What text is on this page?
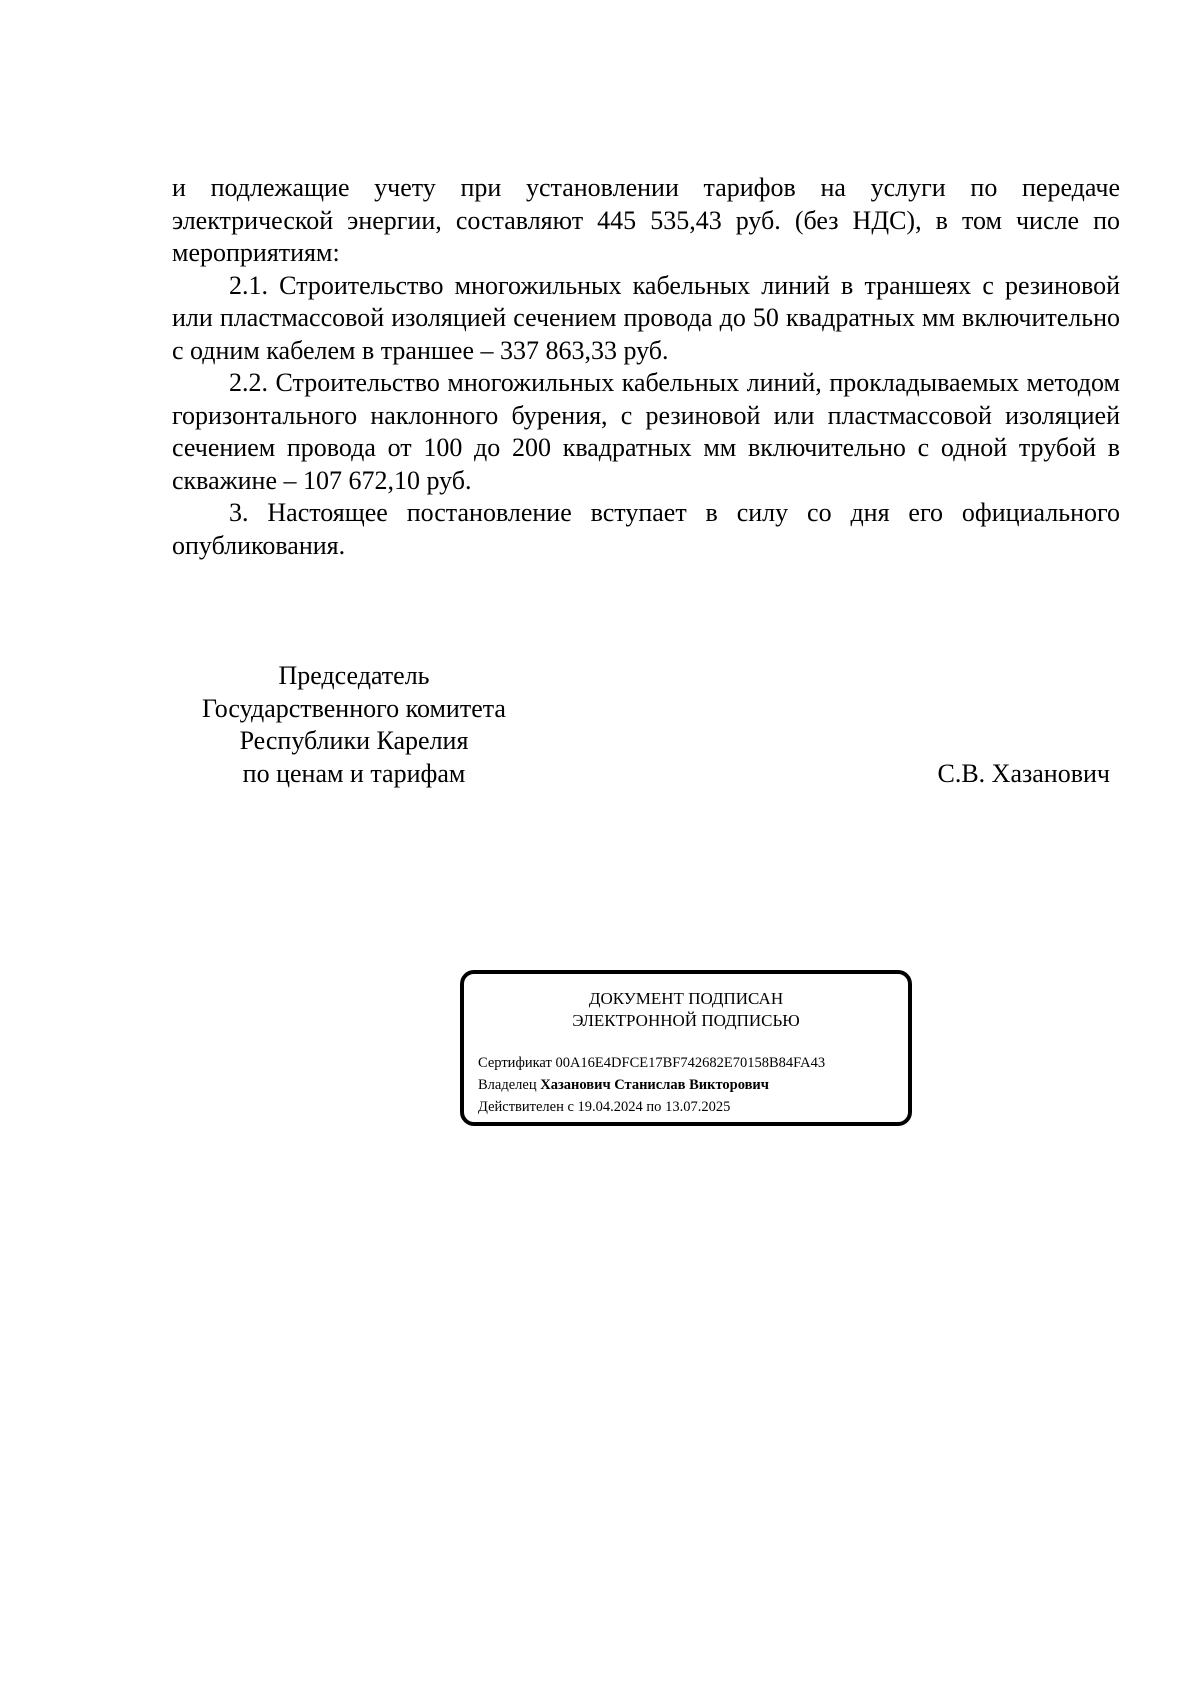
и подлежащие учету при установлении тарифов на услуги по передаче электрической энергии, составляют 445 535,43 руб. (без НДС), в том числе по мероприятиям:

2.1. Строительство многожильных кабельных линий в траншеях с резиновой или пластмассовой изоляцией сечением провода до 50 квадратных мм включительно с одним кабелем в траншее – 337 863,33 руб.

2.2. Строительство многожильных кабельных линий, прокладываемых методом горизонтального наклонного бурения, с резиновой или пластмассовой изоляцией сечением провода от 100 до 200 квадратных мм включительно с одной трубой в скважине – 107 672,10 руб.

3. Настоящее постановление вступает в силу со дня его официального опубликования.

Председатель
Государственного комитета
Республики Карелия
по ценам и тарифам	С.В. Хазанович
ДОКУМЕНТ ПОДПИСАН
ЭЛЕКТРОННОЙ ПОДПИСЬЮ
Сертификат 00A16E4DFCE17BF742682E70158B84FA43
Владелец Хазанович Станислав Викторович
Действителен с 19.04.2024 по 13.07.2025
